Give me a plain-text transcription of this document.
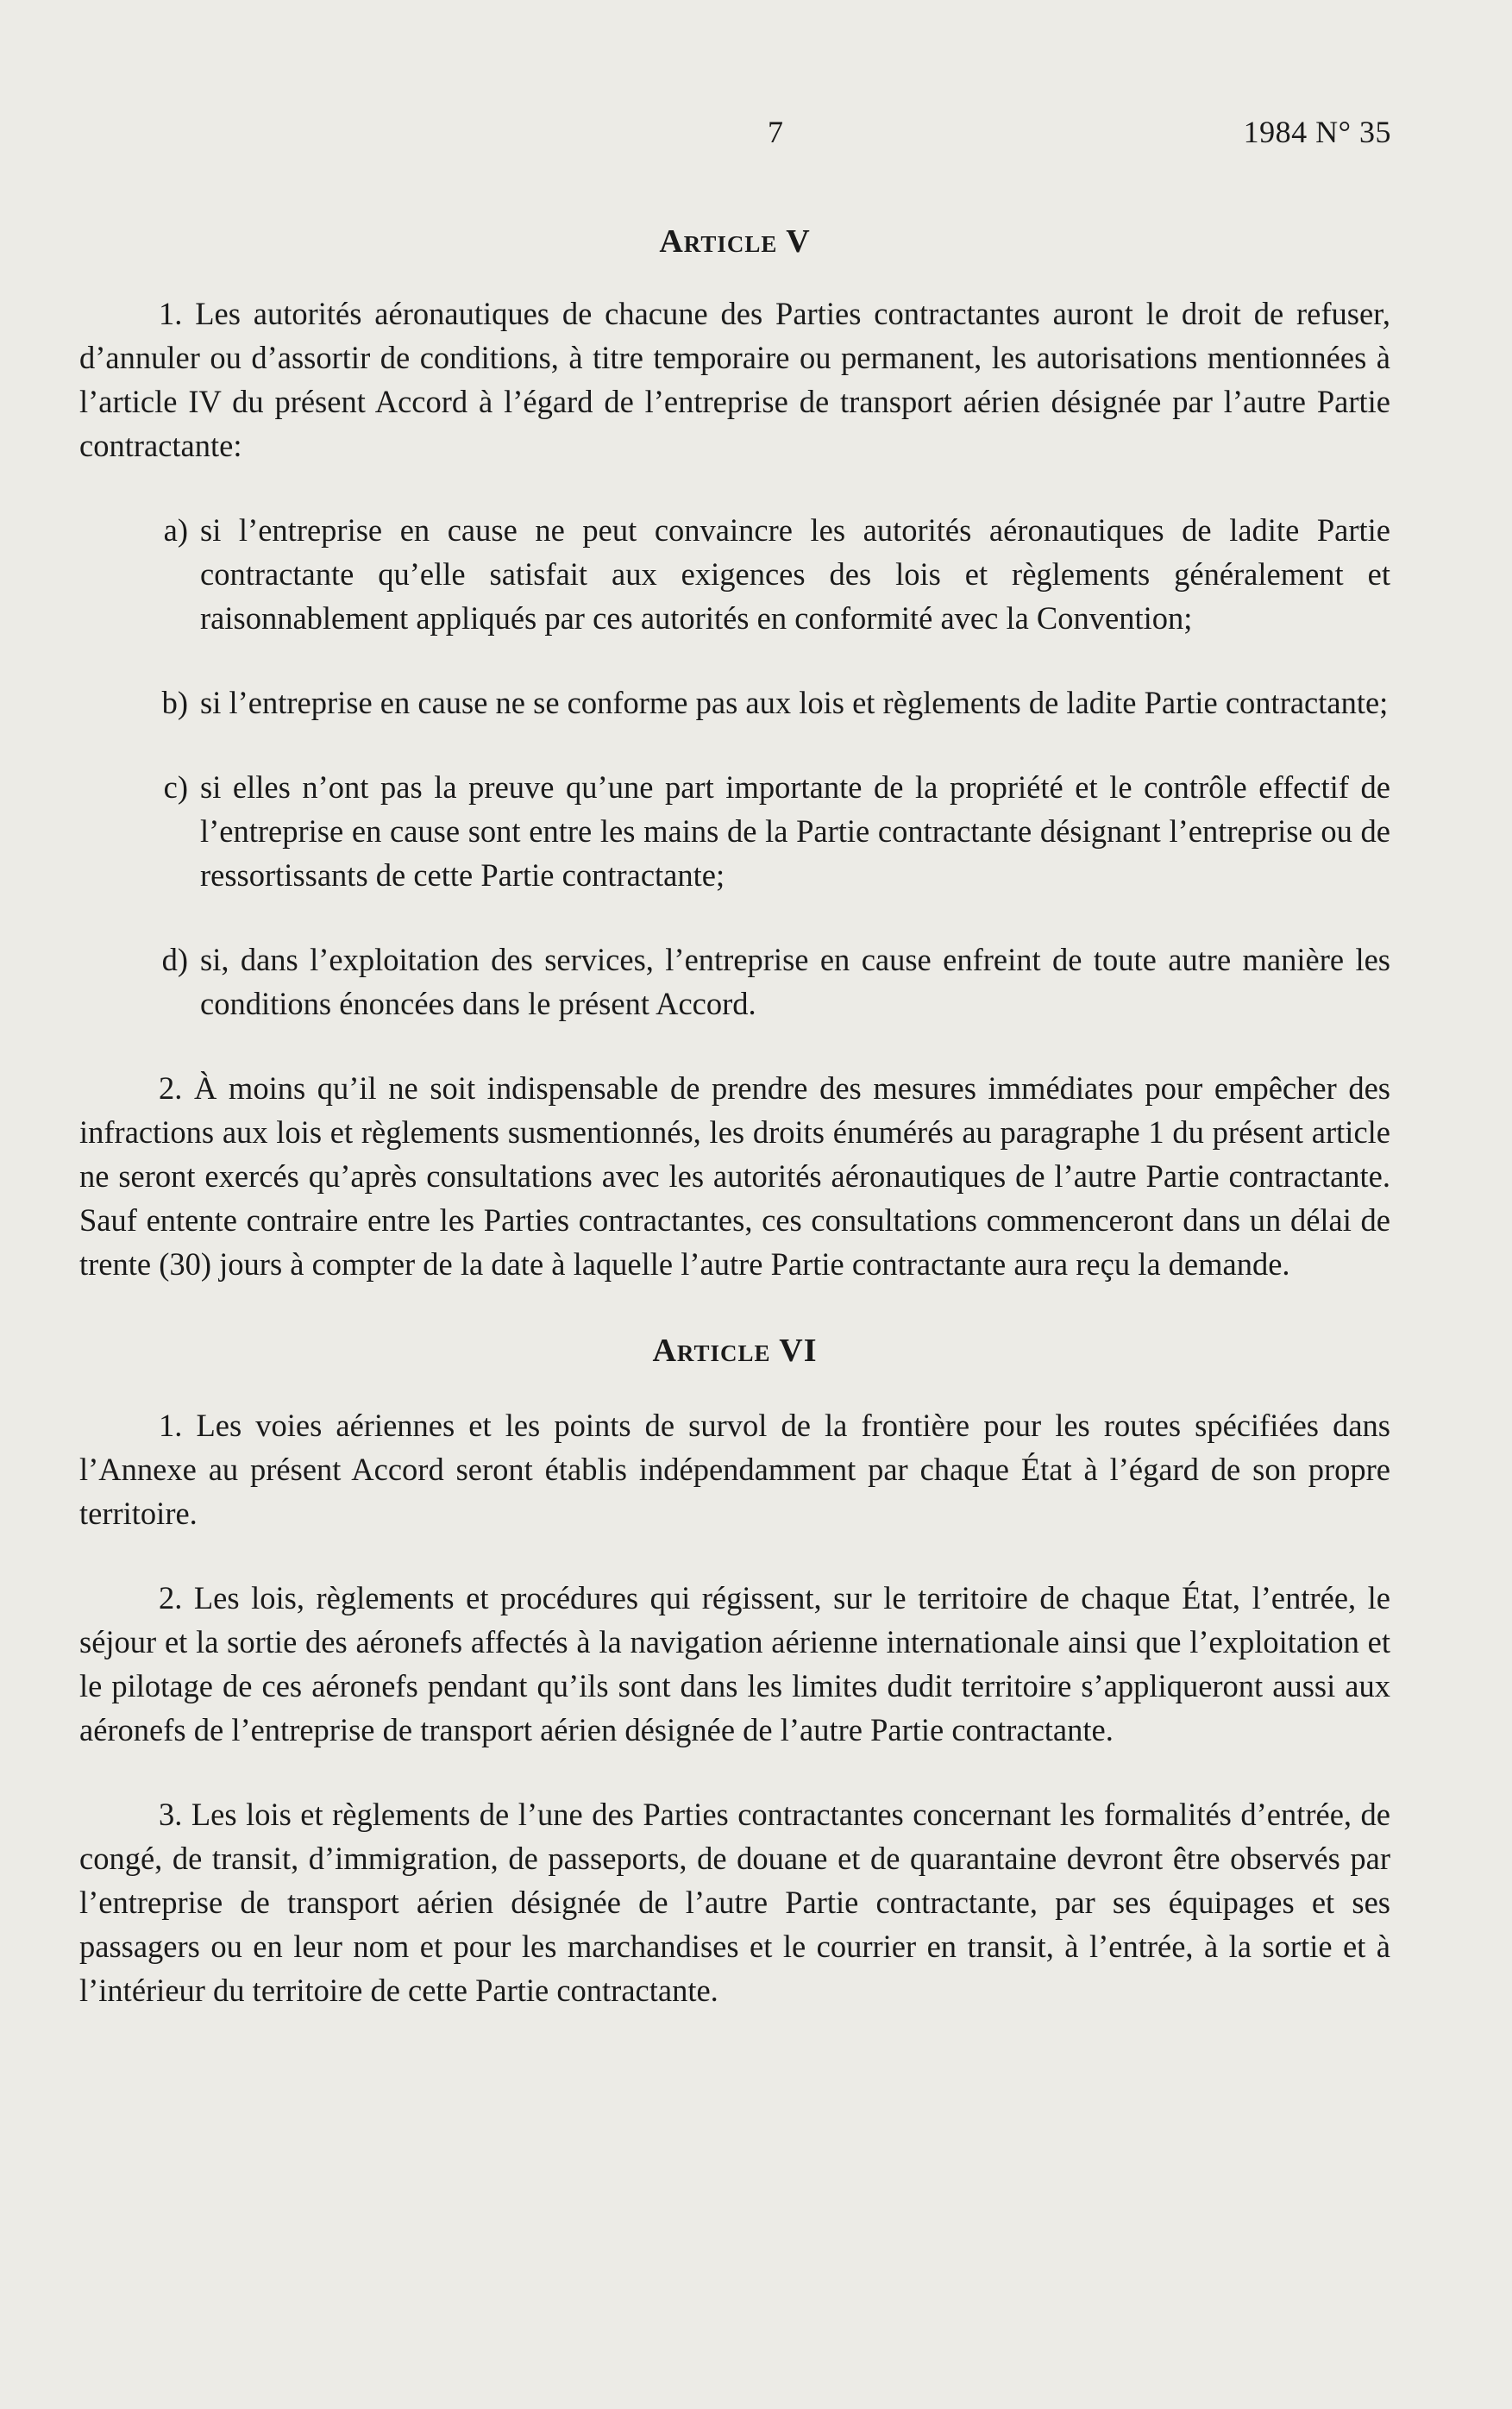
7	1984 N° 35
Article V

1. Les autorités aéronautiques de chacune des Parties contractantes auront le droit de refuser, d’annuler ou d’assortir de conditions, à titre temporaire ou permanent, les autorisations mentionnées à l’article IV du présent Accord à l’égard de l’entreprise de transport aérien désignée par l’autre Partie contractante:

a) si l’entreprise en cause ne peut convaincre les autorités aéronautiques de ladite Partie contractante qu’elle satisfait aux exigences des lois et règlements généralement et raisonnablement appliqués par ces autorités en conformité avec la Convention;
b) si l’entreprise en cause ne se conforme pas aux lois et règlements de ladite Partie contractante;
c) si elles n’ont pas la preuve qu’une part importante de la propriété et le contrôle effectif de l’entreprise en cause sont entre les mains de la Partie contractante désignant l’entreprise ou de ressortissants de cette Partie contractante;
d) si, dans l’exploitation des services, l’entreprise en cause enfreint de toute autre manière les conditions énoncées dans le présent Accord.

2. À moins qu’il ne soit indispensable de prendre des mesures immédiates pour empêcher des infractions aux lois et règlements susmentionnés, les droits énumérés au paragraphe 1 du présent article ne seront exercés qu’après consultations avec les autorités aéronautiques de l’autre Partie contractante. Sauf entente contraire entre les Parties contractantes, ces consultations commenceront dans un délai de trente (30) jours à compter de la date à laquelle l’autre Partie contractante aura reçu la demande.

Article VI

1. Les voies aériennes et les points de survol de la frontière pour les routes spécifiées dans l’Annexe au présent Accord seront établis indépendamment par chaque État à l’égard de son propre territoire.

2. Les lois, règlements et procédures qui régissent, sur le territoire de chaque État, l’entrée, le séjour et la sortie des aéronefs affectés à la navigation aérienne internationale ainsi que l’exploitation et le pilotage de ces aéronefs pendant qu’ils sont dans les limites dudit territoire s’appliqueront aussi aux aéronefs de l’entreprise de transport aérien désignée de l’autre Partie contractante.

3. Les lois et règlements de l’une des Parties contractantes concernant les formalités d’entrée, de congé, de transit, d’immigration, de passeports, de douane et de quarantaine devront être observés par l’entreprise de transport aérien désignée de l’autre Partie contractante, par ses équipages et ses passagers ou en leur nom et pour les marchandises et le courrier en transit, à l’entrée, à la sortie et à l’intérieur du territoire de cette Partie contractante.
